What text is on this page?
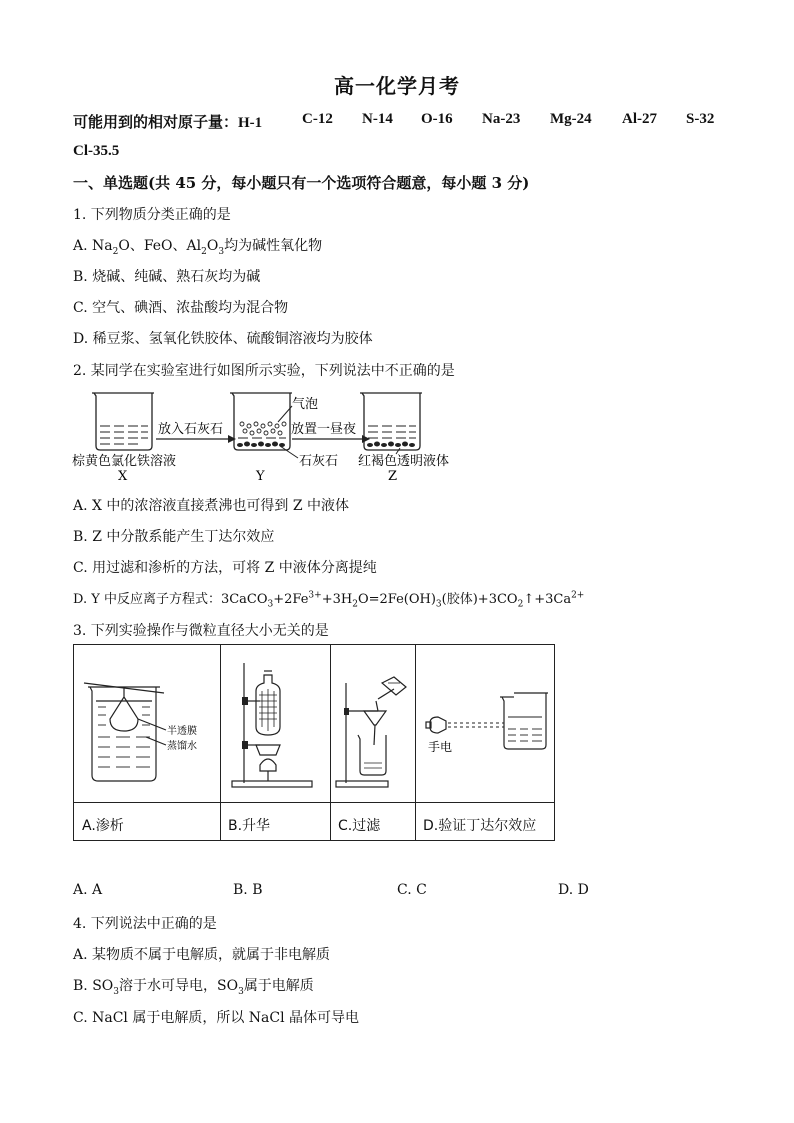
高一化学月考
可能用到的相对原子量：H-1	C-12 N-14 O-16 Na-23 Mg-24 Al-27 S-32
Cl-35.5
一、单选题(共 45 分，每小题只有一个选项符合题意，每小题 3 分)
1. 下列物质分类正确的是
A. $Na_2O$、FeO、$Al_2O_3$均为碱性氧化物
B. 烧碱、纯碱、熟石灰均为碱
C. 空气、碘酒、浓盐酸均为混合物
D. 稀豆浆、氢氧化铁胶体、硫酸铜溶液均为胶体
2. 某同学在实验室进行如图所示实验，下列说法中不正确的是
放入石灰石
气泡
放置一昼夜
石灰石
棕黄色氯化铁溶液	红褐色透明液体
X	Y	Z
A. X 中的浓溶液直接煮沸也可得到 Z 中液体
B. Z 中分散系能产生丁达尔效应
C. 用过滤和渗析的方法，可将 Z 中液体分离提纯
D. Y 中反应离子方程式：$3CaCO_3+2Fe^{3+}+3H_2O=2Fe(OH)_3$(胶体)$+3CO_2↑+3Ca^{2+}$
3. 下列实验操作与微粒直径大小无关的是
半透膜
蒸馏水	手电
A.渗析	B.升华	C.过滤	D.验证丁达尔效应
A. A	B. B	C. C	D. D
4. 下列说法中正确的是
A. 某物质不属于电解质，就属于非电解质
B. $SO_3$溶于水可导电，$SO_3$属于电解质
C. NaCl 属于电解质，所以 NaCl 晶体可导电
